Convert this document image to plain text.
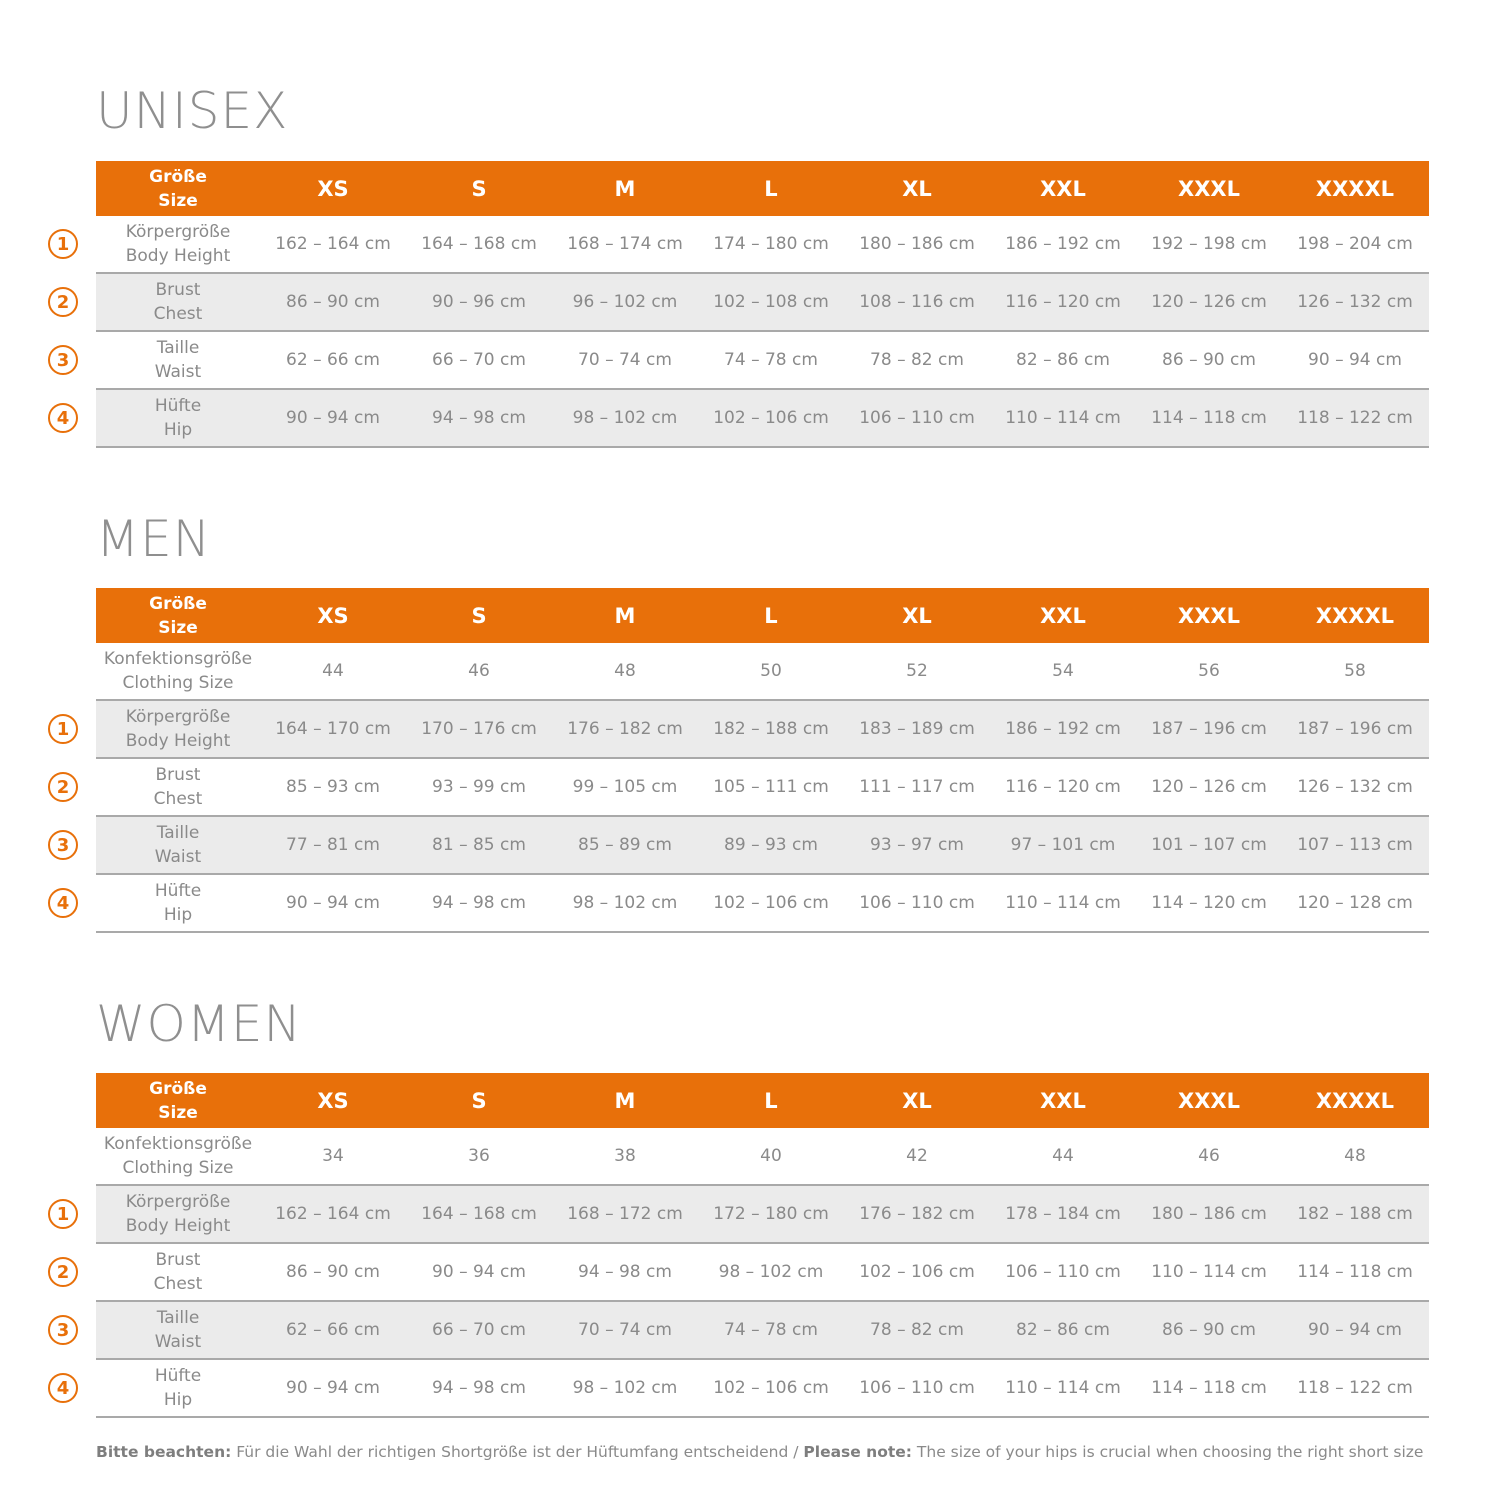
UNISEX
1
2
3
4
Größe
Size	XS	S	M	L	XL	XXL	XXXL	XXXXL
Körpergröße
Body Height
162 – 164 cm	164 – 168 cm	168 – 174 cm	174 – 180 cm	180 – 186 cm	186 – 192 cm	192 – 198 cm	198 – 204 cm
Brust
Chest
86 – 90 cm	90 – 96 cm	96 – 102 cm	102 – 108 cm	108 – 116 cm	116 – 120 cm	120 – 126 cm	126 – 132 cm
Taille
Waist
62 – 66 cm	66 – 70 cm	70 – 74 cm	74 – 78 cm	78 – 82 cm	82 – 86 cm	86 – 90 cm	90 – 94 cm
Hüfte
Hip
90 – 94 cm	94 – 98 cm	98 – 102 cm	102 – 106 cm	106 – 110 cm	110 – 114 cm	114 – 118 cm	118 – 122 cm
MEN
1
2
3
4
Größe
Size	XS	S	M	L	XL	XXL	XXXL	XXXXL
Konfektionsgröße
Clothing Size
44	46	48	50	52	54	56	58
Körpergröße
Body Height
164 – 170 cm	170 – 176 cm	176 – 182 cm	182 – 188 cm	183 – 189 cm	186 – 192 cm	187 – 196 cm	187 – 196 cm
Brust
Chest
85 – 93 cm	93 – 99 cm	99 – 105 cm	105 – 111 cm	111 – 117 cm	116 – 120 cm	120 – 126 cm	126 – 132 cm
Taille
Waist
77 – 81 cm	81 – 85 cm	85 – 89 cm	89 – 93 cm	93 – 97 cm	97 – 101 cm	101 – 107 cm	107 – 113 cm
Hüfte
Hip
90 – 94 cm	94 – 98 cm	98 – 102 cm	102 – 106 cm	106 – 110 cm	110 – 114 cm	114 – 120 cm	120 – 128 cm
WOMEN
1
2
3
4
Größe
Size	XS	S	M	L	XL	XXL	XXXL	XXXXL
Konfektionsgröße
Clothing Size
34	36	38	40	42	44	46	48
Körpergröße
Body Height
162 – 164 cm	164 – 168 cm	168 – 172 cm	172 – 180 cm	176 – 182 cm	178 – 184 cm	180 – 186 cm	182 – 188 cm
Brust
Chest
86 – 90 cm	90 – 94 cm	94 – 98 cm	98 – 102 cm	102 – 106 cm	106 – 110 cm	110 – 114 cm	114 – 118 cm
Taille
Waist
62 – 66 cm	66 – 70 cm	70 – 74 cm	74 – 78 cm	78 – 82 cm	82 – 86 cm	86 – 90 cm	90 – 94 cm
Hüfte
Hip
90 – 94 cm	94 – 98 cm	98 – 102 cm	102 – 106 cm	106 – 110 cm	110 – 114 cm	114 – 118 cm	118 – 122 cm
Bitte beachten: Für die Wahl der richtigen Shortgröße ist der Hüftumfang entscheidend / Please note: The size of your hips is crucial when choosing the right short size
